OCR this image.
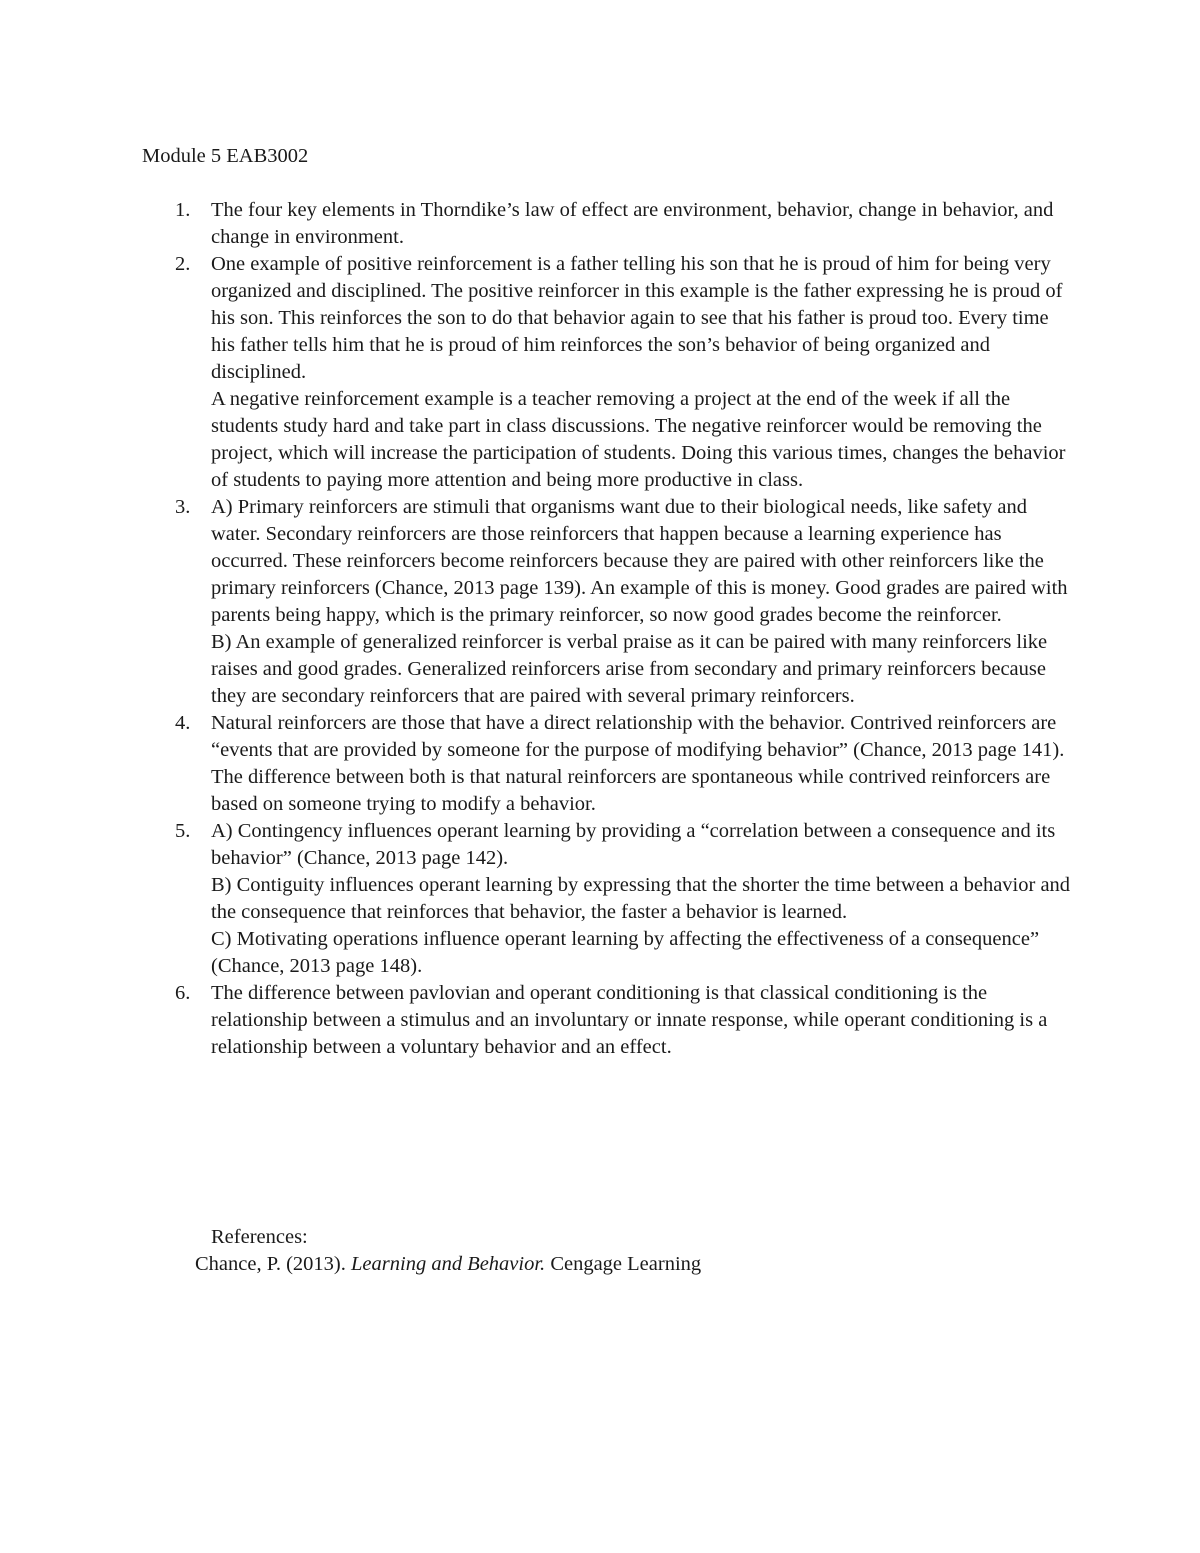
Module 5 EAB3002
1. The four key elements in Thorndike’s law of effect are environment, behavior, change in behavior, and change in environment.

2. One example of positive reinforcement is a father telling his son that he is proud of him for being very organized and disciplined. The positive reinforcer in this example is the father expressing he is proud of his son. This reinforces the son to do that behavior again to see that his father is proud too. Every time his father tells him that he is proud of him reinforces the son’s behavior of being organized and disciplined.

A negative reinforcement example is a teacher removing a project at the end of the week if all the students study hard and take part in class discussions. The negative reinforcer would be removing the project, which will increase the participation of students. Doing this various times, changes the behavior of students to paying more attention and being more productive in class.

3. A) Primary reinforcers are stimuli that organisms want due to their biological needs, like safety and water. Secondary reinforcers are those reinforcers that happen because a learning experience has occurred. These reinforcers become reinforcers because they are paired with other reinforcers like the primary reinforcers (Chance, 2013 page 139). An example of this is money. Good grades are paired with parents being happy, which is the primary reinforcer, so now good grades become the reinforcer.

B) An example of generalized reinforcer is verbal praise as it can be paired with many reinforcers like raises and good grades. Generalized reinforcers arise from secondary and primary reinforcers because they are secondary reinforcers that are paired with several primary reinforcers.

4. Natural reinforcers are those that have a direct relationship with the behavior. Contrived reinforcers are “events that are provided by someone for the purpose of modifying behavior” (Chance, 2013 page 141). The difference between both is that natural reinforcers are spontaneous while contrived reinforcers are based on someone trying to modify a behavior.

5. A) Contingency influences operant learning by providing a “correlation between a consequence and its behavior” (Chance, 2013 page 142).

B) Contiguity influences operant learning by expressing that the shorter the time between a behavior and the consequence that reinforces that behavior, the faster a behavior is learned.

C) Motivating operations influence operant learning by affecting the effectiveness of a consequence” (Chance, 2013 page 148).

6. The difference between pavlovian and operant conditioning is that classical conditioning is the relationship between a stimulus and an involuntary or innate response, while operant conditioning is a relationship between a voluntary behavior and an effect.

References:

Chance, P. (2013). Learning and Behavior. Cengage Learning
